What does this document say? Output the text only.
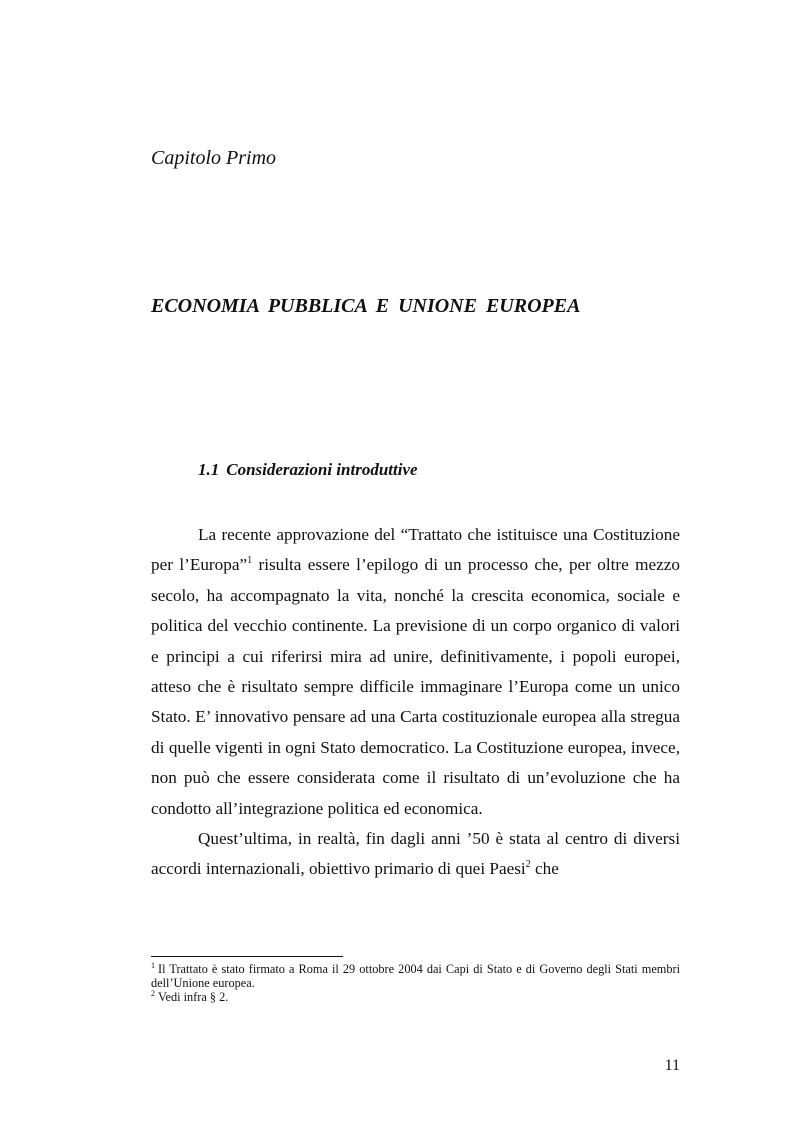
Capitolo Primo
ECONOMIA PUBBLICA E UNIONE EUROPEA
1.1 Considerazioni introduttive

La recente approvazione del “Trattato che istituisce una Costituzione per l’Europa”$^1$ risulta essere l’epilogo di un processo che, per oltre mezzo secolo, ha accompagnato la vita, nonché la crescita economica, sociale e politica del vecchio continente. La previsione di un corpo organico di valori e principi a cui riferirsi mira ad unire, definitivamente, i popoli europei, atteso che è risultato sempre difficile immaginare l’Europa come un unico Stato. E’ innovativo pensare ad una Carta costituzionale europea alla stregua di quelle vigenti in ogni Stato democratico. La Costituzione europea, invece, non può che essere considerata come il risultato di un’evoluzione che ha condotto all’integrazione politica ed economica.

Quest’ultima, in realtà, fin dagli anni ’50 è stata al centro di diversi accordi internazionali, obiettivo primario di quei Paesi$^2$ che

$^1$ Il Trattato è stato firmato a Roma il 29 ottobre 2004 dai Capi di Stato e di Governo degli Stati membri dell’Unione europea.

$^2$ Vedi infra § 2.

11
